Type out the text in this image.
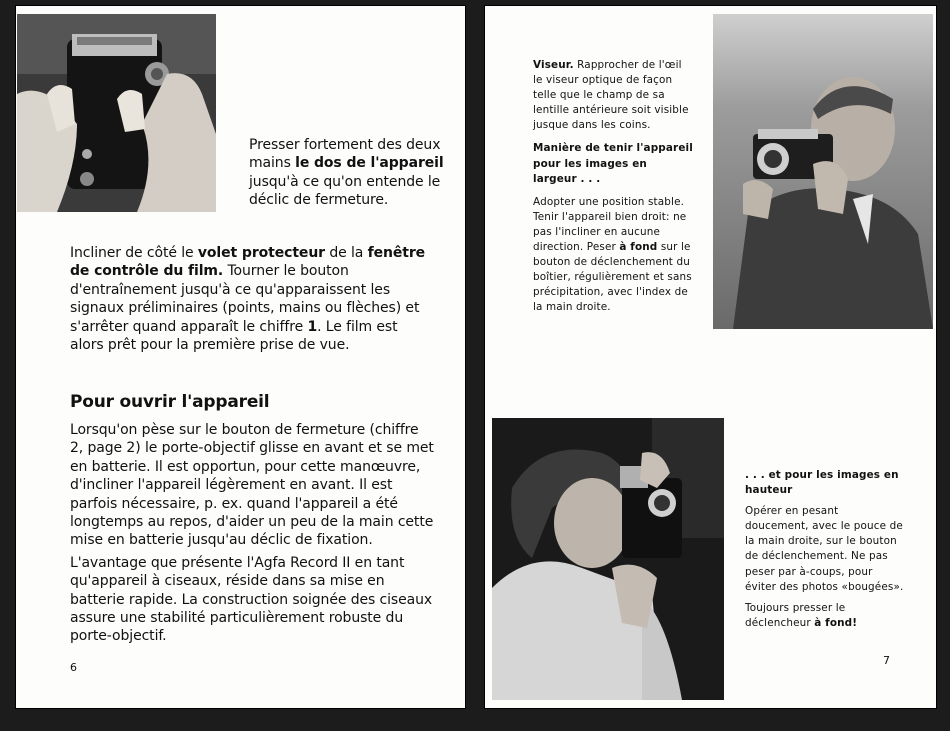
Presser fortement des deux mains le dos de l'appareil jusqu'à ce qu'on entende le déclic de fermeture.

Incliner de côté le volet protecteur de la fenêtre de contrôle du film. Tourner le bouton d'entraînement jusqu'à ce qu'apparaissent les signaux préliminaires (points, mains ou flèches) et s'arrêter quand apparaît le chiffre 1. Le film est alors prêt pour la première prise de vue.

Pour ouvrir l'appareil

Lorsqu'on pèse sur le bouton de fermeture (chiffre 2, page 2) le porte-objectif glisse en avant et se met en batterie. Il est opportun, pour cette manœuvre, d'incliner l'appareil légèrement en avant. Il est parfois nécessaire, p. ex. quand l'appareil a été longtemps au repos, d'aider un peu de la main cette mise en batterie jusqu'au déclic de fixation.

L'avantage que présente l'Agfa Record II en tant qu'appareil à ciseaux, réside dans sa mise en batterie rapide. La construction soignée des ciseaux assure une stabilité particulièrement robuste du porte-objectif.

6

Viseur. Rapprocher de l'œil le viseur optique de façon telle que le champ de sa lentille antérieure soit visible jusque dans les coins.

Manière de tenir l'appareil pour les images en largeur . . .

Adopter une position stable. Tenir l'appareil bien droit: ne pas l'incliner en aucune direction. Peser à fond sur le bouton de déclenchement du boîtier, régulièrement et sans précipitation, avec l'index de la main droite.

. . . et pour les images en hauteur

Opérer en pesant doucement, avec le pouce de la main droite, sur le bouton de déclenchement. Ne pas peser par à-coups, pour éviter des photos «bougées».

Toujours presser le déclencheur à fond!

7
